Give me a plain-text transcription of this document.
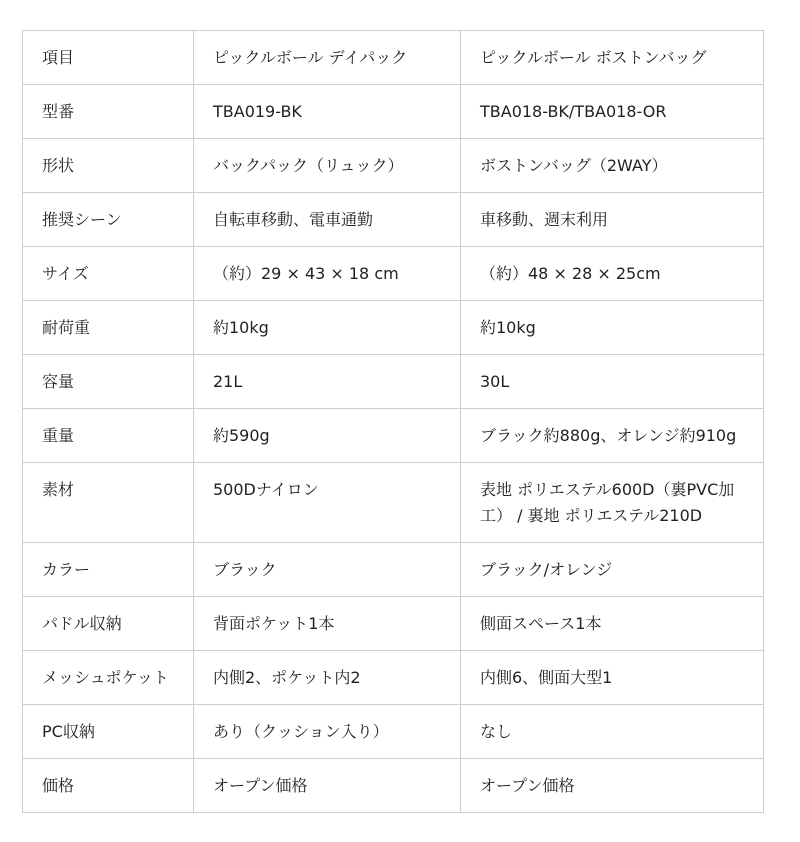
項目	ピックルボール デイパック	ピックルボール ボストンバッグ
型番	TBA019-BK	TBA018-BK/TBA018-OR
形状	バックパック（リュック）	ボストンバッグ（2WAY）
推奨シーン	自転車移動、電車通勤	車移動、週末利用
サイズ	（約）29 × 43 × 18 cm	（約）48 × 28 × 25cm
耐荷重	約10kg	約10kg
容量	21L	30L
重量	約590g	ブラック約880g、オレンジ約910g
素材	500Dナイロン	表地 ポリエステル600D（裏PVC加工） / 裏地 ポリエステル210D
カラー	ブラック	ブラック/オレンジ
パドル収納	背面ポケット1本	側面スペース1本
メッシュポケット	内側2、ポケット内2	内側6、側面大型1
PC収納	あり（クッション入り）	なし
価格	オープン価格	オープン価格
